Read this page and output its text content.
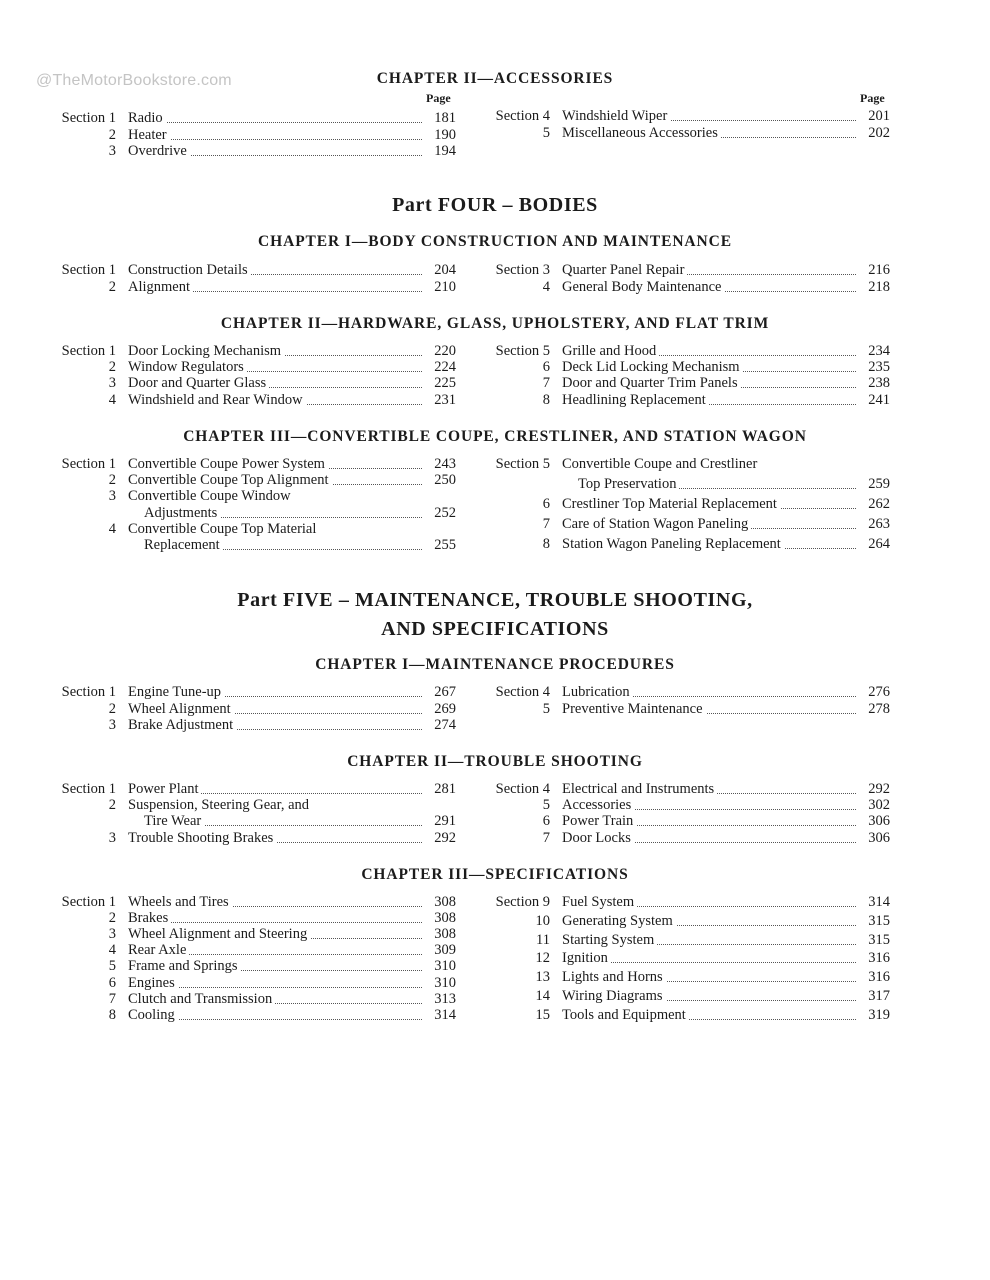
@TheMotorBookstore.com	CHAPTER II—ACCESSORIES
Page	Page
Section 1 Radio	181
2 Heater	190
3 Overdrive	194
Section 4 Windshield Wiper	201
5 Miscellaneous Accessories	202
Part FOUR – BODIES
CHAPTER I—BODY CONSTRUCTION AND MAINTENANCE
Section 1 Construction Details	204
2 Alignment	210
Section 3 Quarter Panel Repair	216
4 General Body Maintenance	218
CHAPTER II—HARDWARE, GLASS, UPHOLSTERY, AND FLAT TRIM
Section 1 Door Locking Mechanism	220
2 Window Regulators	224
3 Door and Quarter Glass	225
4 Windshield and Rear Window	231
Section 5 Grille and Hood	234
6 Deck Lid Locking Mechanism	235
7 Door and Quarter Trim Panels	238
8 Headlining Replacement	241
CHAPTER III—CONVERTIBLE COUPE, CRESTLINER, AND STATION WAGON
Section 1 Convertible Coupe Power System	243
2 Convertible Coupe Top Alignment	250
3 Convertible Coupe Window
Adjustments	252
4 Convertible Coupe Top Material
Replacement	255
Section 5 Convertible Coupe and Crestliner
Top Preservation	259
6 Crestliner Top Material Replacement	262
7 Care of Station Wagon Paneling	263
8 Station Wagon Paneling Replacement	264
Part FIVE – MAINTENANCE, TROUBLE SHOOTING,
AND SPECIFICATIONS
CHAPTER I—MAINTENANCE PROCEDURES
Section 1 Engine Tune-up	267
2 Wheel Alignment	269
3 Brake Adjustment	274
Section 4 Lubrication	276
5 Preventive Maintenance	278
CHAPTER II—TROUBLE SHOOTING
Section 1 Power Plant	281
2 Suspension, Steering Gear, and
Tire Wear	291
3 Trouble Shooting Brakes	292
Section 4 Electrical and Instruments	292
5 Accessories	302
6 Power Train	306
7 Door Locks	306
CHAPTER III—SPECIFICATIONS
Section 1 Wheels and Tires	308
2 Brakes	308
3 Wheel Alignment and Steering	308
4 Rear Axle	309
5 Frame and Springs	310
6 Engines	310
7 Clutch and Transmission	313
8 Cooling	314
Section 9 Fuel System	314
10 Generating System	315
11 Starting System	315
12 Ignition	316
13 Lights and Horns	316
14 Wiring Diagrams	317
15 Tools and Equipment	319
